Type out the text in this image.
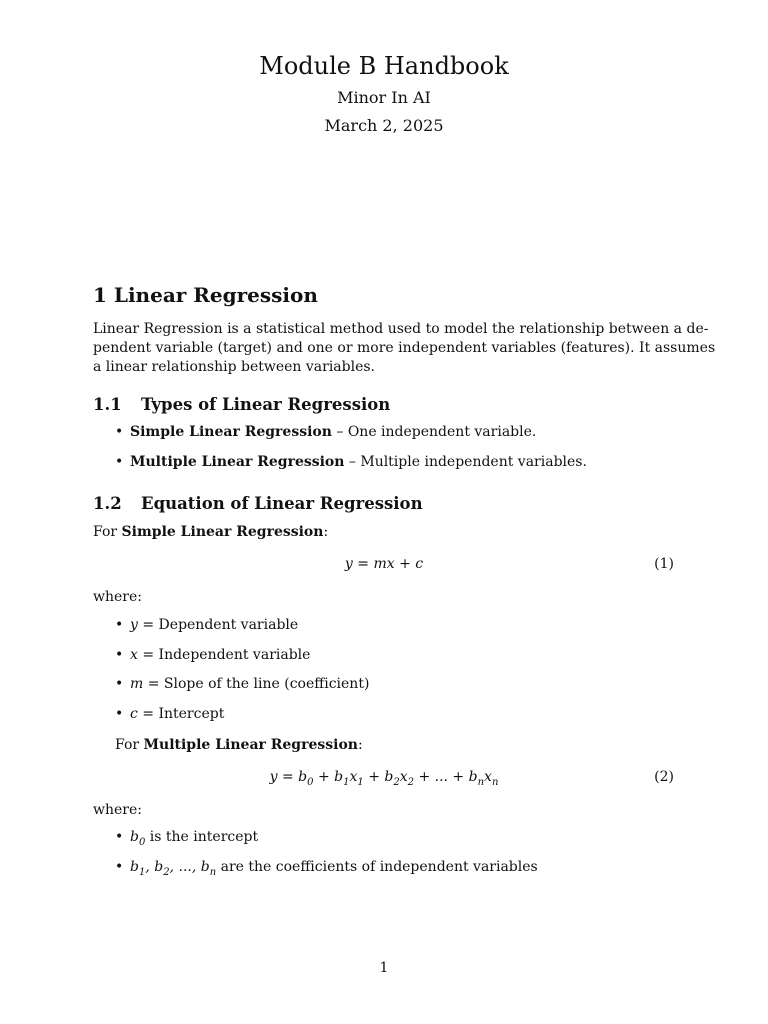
Module B Handbook
Minor In AI
March 2, 2025
1 Linear Regression
Linear Regression is a statistical method used to model the relationship between a de-
pendent variable (target) and one or more independent variables (features). It assumes
a linear relationship between variables.
1.1 Types of Linear Regression
• Simple Linear Regression – One independent variable.
• Multiple Linear Regression – Multiple independent variables.
1.2 Equation of Linear Regression
For Simple Linear Regression:
y = mx + c	(1)
where:
• y = Dependent variable
• x = Independent variable
• m = Slope of the line (coefficient)
• c = Intercept
For Multiple Linear Regression:
$y = b_0 + b_1x_1 + b_2x_2$ + ... + $b_nx_n$	(2)
where:
• $b_0$ is the intercept
• $b_1$, $b_2$, ..., $b_n$ are the coefficients of independent variables
1
